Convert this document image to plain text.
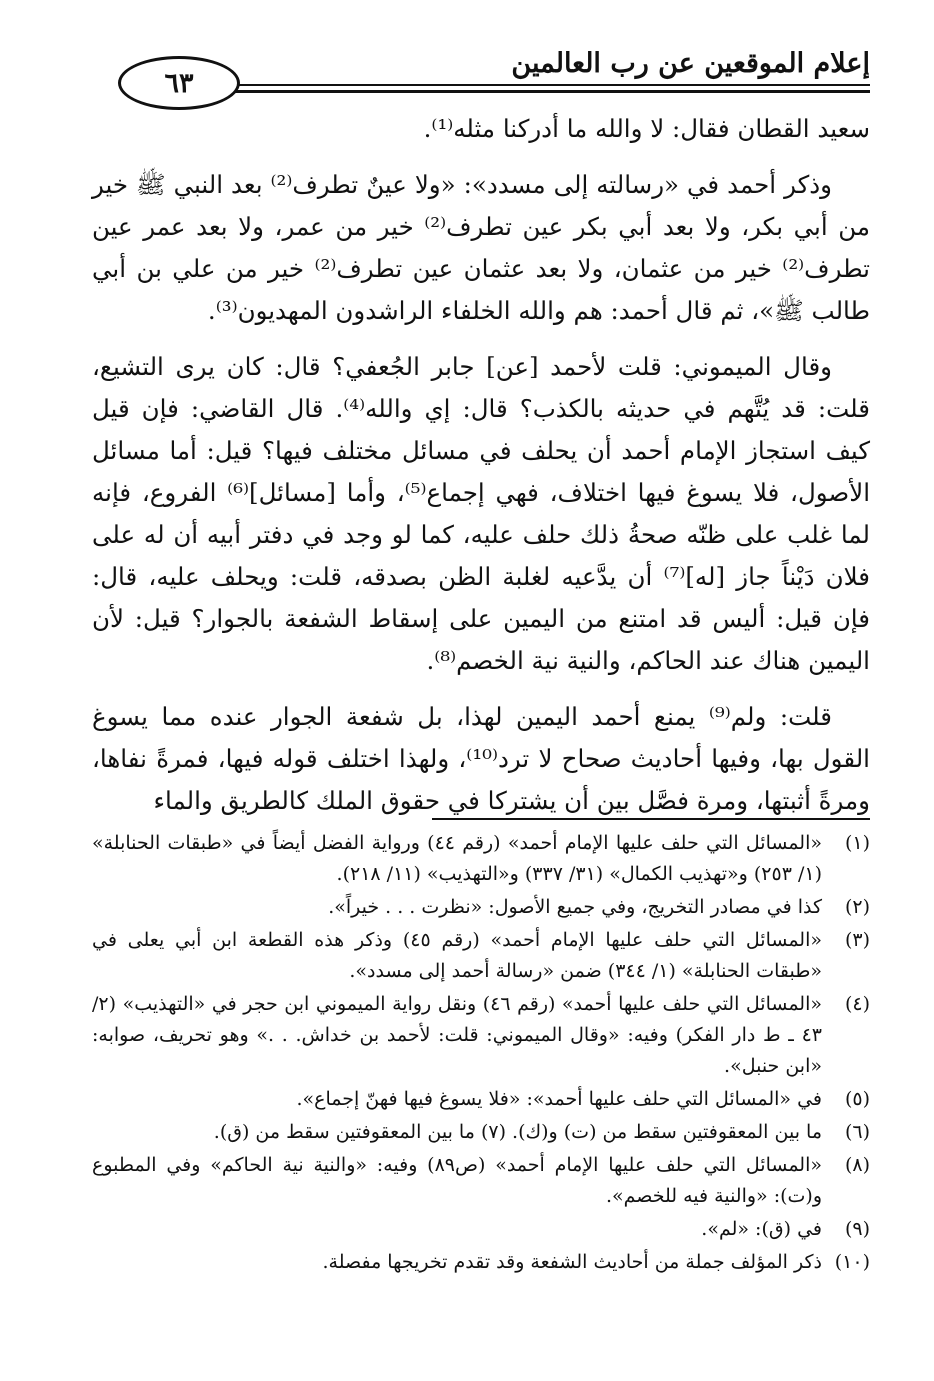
إعلام الموقعين عن رب العالمين
٦٣

سعيد القطان فقال: لا والله ما أدركنا مثله⁽¹⁾.

وذكر أحمد في «رسالته إلى مسدد»: «ولا عينٌ تطرف⁽²⁾ بعد النبي ﷺ خير من أبي بكر، ولا بعد أبي بكر عين تطرف⁽²⁾ خير من عمر، ولا بعد عمر عين تطرف⁽²⁾ خير من عثمان، ولا بعد عثمان عين تطرف⁽²⁾ خير من علي بن أبي طالب ﷺ»، ثم قال أحمد: هم والله الخلفاء الراشدون المهديون⁽³⁾.

وقال الميموني: قلت لأحمد [عن] جابر الجُعفي؟ قال: كان يرى التشيع، قلت: قد يُتَّهم في حديثه بالكذب؟ قال: إي والله⁽⁴⁾. قال القاضي: فإن قيل كيف استجاز الإمام أحمد أن يحلف في مسائل مختلف فيها؟ قيل: أما مسائل الأصول، فلا يسوغ فيها اختلاف، فهي إجماع⁽⁵⁾، وأما [مسائل]⁽⁶⁾ الفروع، فإنه لما غلب على ظنّه صحةُ ذلك حلف عليه، كما لو وجد في دفتر أبيه أن له على فلان دَيْناً جاز [له]⁽⁷⁾ أن يدَّعيه لغلبة الظن بصدقه، قلت: ويحلف عليه، قال: فإن قيل: أليس قد امتنع من اليمين على إسقاط الشفعة بالجوار؟ قيل: لأن اليمين هناك عند الحاكم، والنية نية الخصم⁽⁸⁾.

قلت: ولم⁽⁹⁾ يمنع أحمد اليمين لهذا، بل شفعة الجوار عنده مما يسوغ القول بها، وفيها أحاديث صحاح لا ترد⁽¹⁰⁾، ولهذا اختلف قوله فيها، فمرةً نفاها، ومرةً أثبتها، ومرة فصَّل بين أن يشتركا في حقوق الملك كالطريق والماء

(١)
«المسائل التي حلف عليها الإمام أحمد» (رقم ٤٤) ورواية الفضل أيضاً في «طبقات الحنابلة» (١/ ٢٥٣) و«تهذيب الكمال» (٣١/ ٣٣٧) و«التهذيب» (١١/ ٢١٨).
(٢)
كذا في مصادر التخريج، وفي جميع الأصول: «نظرت . . . خيراً».
(٣)
«المسائل التي حلف عليها الإمام أحمد» (رقم ٤٥) وذكر هذه القطعة ابن أبي يعلى في «طبقات الحنابلة» (١/ ٣٤٤) ضمن «رسالة أحمد إلى مسدد».
(٤)
«المسائل التي حلف عليها أحمد» (رقم ٤٦) ونقل رواية الميموني ابن حجر في «التهذيب» (٢/ ٤٣ ـ ط دار الفكر) وفيه: «وقال الميموني: قلت: لأحمد بن خداش. . .» وهو تحريف، صوابه: «ابن حنبل».
(٥)
في «المسائل التي حلف عليها أحمد»: «فلا يسوغ فيها فهنّ إجماع».
(٦)
ما بين المعقوفتين سقط من (ت) و(ك). (٧) ما بين المعقوفتين سقط من (ق).
(٨)
«المسائل التي حلف عليها الإمام أحمد» (ص٨٩) وفيه: «والنية نية الحاكم» وفي المطبوع و(ت): «والنية فيه للخصم».
(٩)
في (ق): «لم».
(١٠)
ذكر المؤلف جملة من أحاديث الشفعة وقد تقدم تخريجها مفصلة.
